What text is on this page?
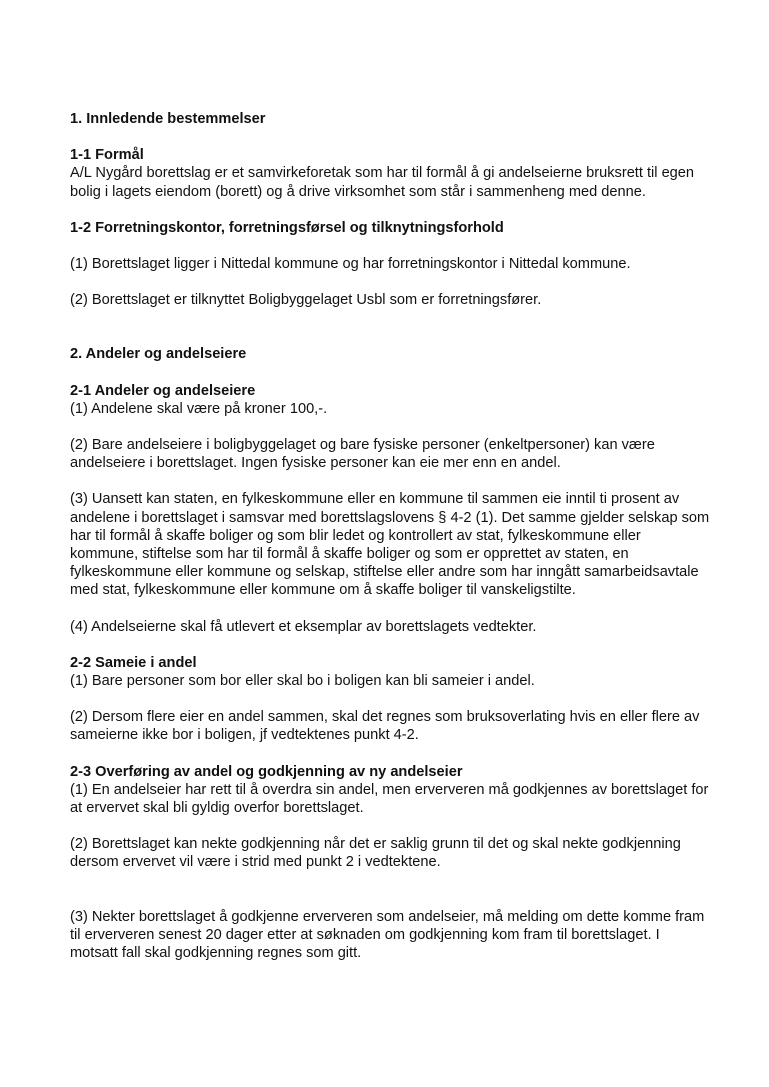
1. Innledende bestemmelser
1-1 Formål

A/L Nygård borettslag er et samvirkeforetak som har til formål å gi andelseierne bruksrett til egen bolig i lagets eiendom (borett) og å drive virksomhet som står i sammenheng med denne.

1-2 Forretningskontor, forretningsførsel og tilknytningsforhold

(1) Borettslaget ligger i Nittedal kommune og har forretningskontor i Nittedal kommune.

(2) Borettslaget er tilknyttet Boligbyggelaget Usbl som er forretningsfører.

2. Andeler og andelseiere
2-1 Andeler og andelseiere

(1) Andelene skal være på kroner 100,-.

(2) Bare andelseiere i boligbyggelaget og bare fysiske personer (enkeltpersoner) kan være andelseiere i borettslaget. Ingen fysiske personer kan eie mer enn en andel.

(3) Uansett kan staten, en fylkeskommune eller en kommune til sammen eie inntil ti prosent av andelene i borettslaget i samsvar med borettslagslovens § 4-2 (1). Det samme gjelder selskap som har til formål å skaffe boliger og som blir ledet og kontrollert av stat, fylkeskommune eller kommune, stiftelse som har til formål å skaffe boliger og som er opprettet av staten, en fylkeskommune eller kommune og selskap, stiftelse eller andre som har inngått samarbeidsavtale med stat, fylkeskommune eller kommune om å skaffe boliger til vanskeligstilte.

(4) Andelseierne skal få utlevert et eksemplar av borettslagets vedtekter.

2-2 Sameie i andel

(1) Bare personer som bor eller skal bo i boligen kan bli sameier i andel.

(2) Dersom flere eier en andel sammen, skal det regnes som bruksoverlating hvis en eller flere av sameierne ikke bor i boligen, jf vedtektenes punkt 4-2.

2-3 Overføring av andel og godkjenning av ny andelseier

(1) En andelseier har rett til å overdra sin andel, men erververen må godkjennes av borettslaget for at ervervet skal bli gyldig overfor borettslaget.

(2) Borettslaget kan nekte godkjenning når det er saklig grunn til det og skal nekte godkjenning dersom ervervet vil være i strid med punkt 2 i vedtektene.

(3) Nekter borettslaget å godkjenne erververen som andelseier, må melding om dette komme fram til erververen senest 20 dager etter at søknaden om godkjenning kom fram til borettslaget. I motsatt fall skal godkjenning regnes som gitt.
